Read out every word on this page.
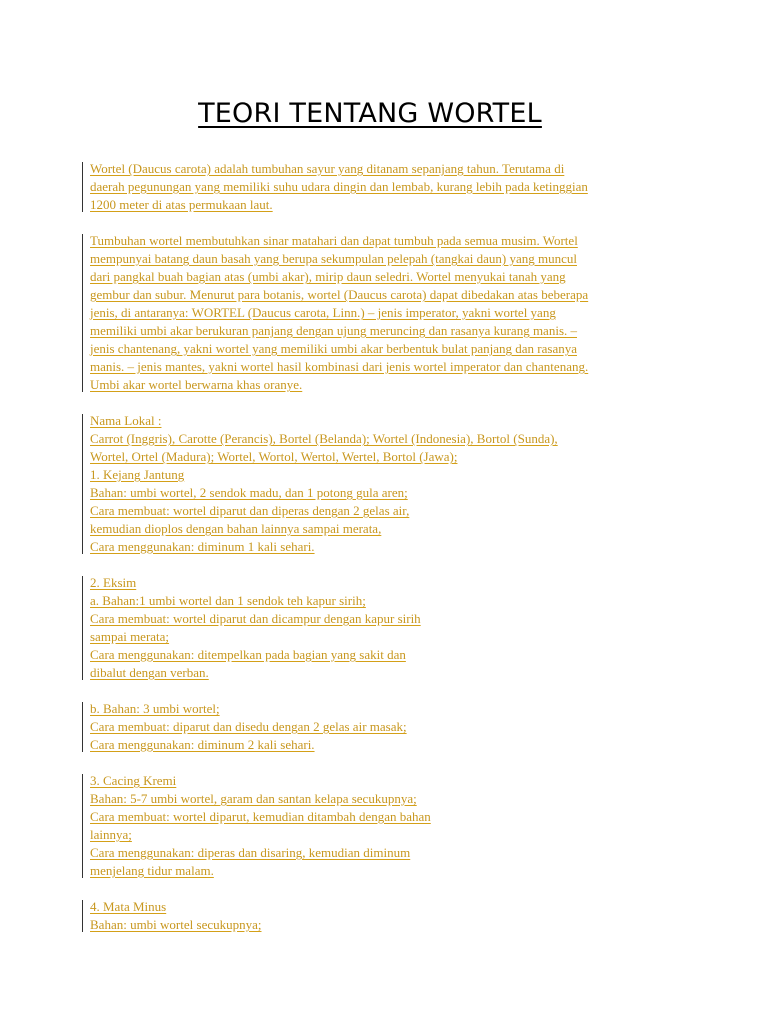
TEORI TENTANG WORTEL
Wortel (Daucus carota) adalah tumbuhan sayur yang ditanam sepanjang tahun. Terutama di
daerah pegunungan yang memiliki suhu udara dingin dan lembab, kurang lebih pada ketinggian
1200 meter di atas permukaan laut.
Tumbuhan wortel membutuhkan sinar matahari dan dapat tumbuh pada semua musim. Wortel
mempunyai batang daun basah yang berupa sekumpulan pelepah (tangkai daun) yang muncul
dari pangkal buah bagian atas (umbi akar), mirip daun seledri. Wortel menyukai tanah yang
gembur dan subur. Menurut para botanis, wortel (Daucus carota) dapat dibedakan atas beberapa
jenis, di antaranya: WORTEL (Daucus carota, Linn.) – jenis imperator, yakni wortel yang
memiliki umbi akar berukuran panjang dengan ujung meruncing dan rasanya kurang manis. –
jenis chantenang, yakni wortel yang memiliki umbi akar berbentuk bulat panjang dan rasanya
manis. – jenis mantes, yakni wortel hasil kombinasi dari jenis wortel imperator dan chantenang.
Umbi akar wortel berwarna khas oranye.
Nama Lokal :
Carrot (Inggris), Carotte (Perancis), Bortel (Belanda); Wortel (Indonesia), Bortol (Sunda),
Wortel, Ortel (Madura); Wortel, Wortol, Wertol, Wertel, Bortol (Jawa);
1. Kejang Jantung
Bahan: umbi wortel, 2 sendok madu, dan 1 potong gula aren;
Cara membuat: wortel diparut dan diperas dengan 2 gelas air,
kemudian dioplos dengan bahan lainnya sampai merata,
Cara menggunakan: diminum 1 kali sehari.
2. Eksim
a. Bahan:1 umbi wortel dan 1 sendok teh kapur sirih;
Cara membuat: wortel diparut dan dicampur dengan kapur sirih
sampai merata;
Cara menggunakan: ditempelkan pada bagian yang sakit dan
dibalut dengan verban.
b. Bahan: 3 umbi wortel;
Cara membuat: diparut dan disedu dengan 2 gelas air masak;
Cara menggunakan: diminum 2 kali sehari.
3. Cacing Kremi
Bahan: 5-7 umbi wortel, garam dan santan kelapa secukupnya;
Cara membuat: wortel diparut, kemudian ditambah dengan bahan
lainnya;
Cara menggunakan: diperas dan disaring, kemudian diminum
menjelang tidur malam.
4. Mata Minus
Bahan: umbi wortel secukupnya;
